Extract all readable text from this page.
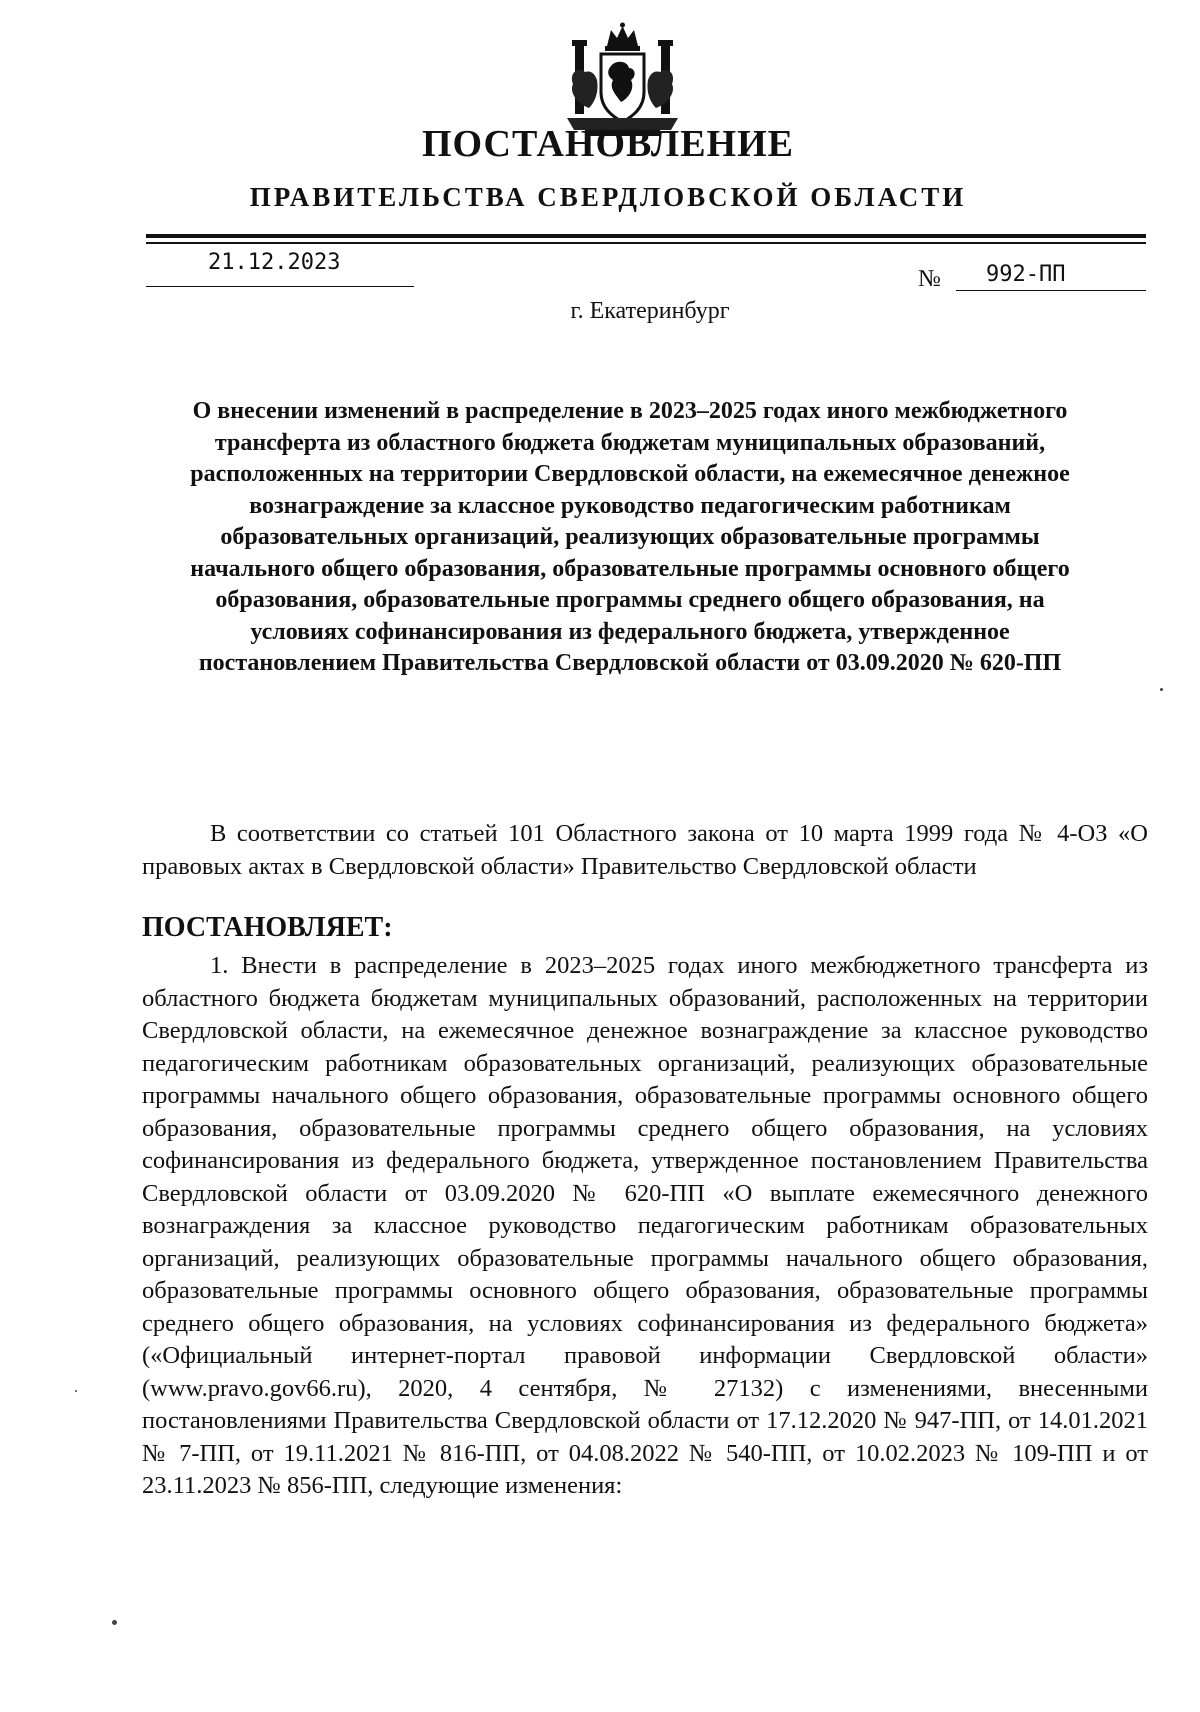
ПОСТАНОВЛЕНИЕ
ПРАВИТЕЛЬСТВА СВЕРДЛОВСКОЙ ОБЛАСТИ
21.12.2023
№ 992-ПП
г. Екатеринбург
О внесении изменений в распределение в 2023–2025 годах иного межбюджетного трансферта из областного бюджета бюджетам муниципальных образований, расположенных на территории Свердловской области, на ежемесячное денежное вознаграждение за классное руководство педагогическим работникам образовательных организаций, реализующих образовательные программы начального общего образования, образовательные программы основного общего образования, образовательные программы среднего общего образования, на условиях софинансирования из федерального бюджета, утвержденное постановлением Правительства Свердловской области от 03.09.2020 № 620-ПП
В соответствии со статьей 101 Областного закона от 10 марта 1999 года № 4-ОЗ «О правовых актах в Свердловской области» Правительство Свердловской области
ПОСТАНОВЛЯЕТ:
1. Внести в распределение в 2023–2025 годах иного межбюджетного трансферта из областного бюджета бюджетам муниципальных образований, расположенных на территории Свердловской области, на ежемесячное денежное вознаграждение за классное руководство педагогическим работникам образовательных организаций, реализующих образовательные программы начального общего образования, образовательные программы основного общего образования, образовательные программы среднего общего образования, на условиях софинансирования из федерального бюджета, утвержденное постановлением Правительства Свердловской области от 03.09.2020 № 620-ПП «О выплате ежемесячного денежного вознаграждения за классное руководство педагогическим работникам образовательных организаций, реализующих образовательные программы начального общего образования, образовательные программы основного общего образования, образовательные программы среднего общего образования, на условиях софинансирования из федерального бюджета» («Официальный интернет-портал правовой информации Свердловской области» (www.pravo.gov66.ru), 2020, 4 сентября, № 27132) с изменениями, внесенными постановлениями Правительства Свердловской области от 17.12.2020 № 947-ПП, от 14.01.2021 № 7-ПП, от 19.11.2021 № 816-ПП, от 04.08.2022 № 540-ПП, от 10.02.2023 № 109-ПП и от 23.11.2023 № 856-ПП, следующие изменения:
